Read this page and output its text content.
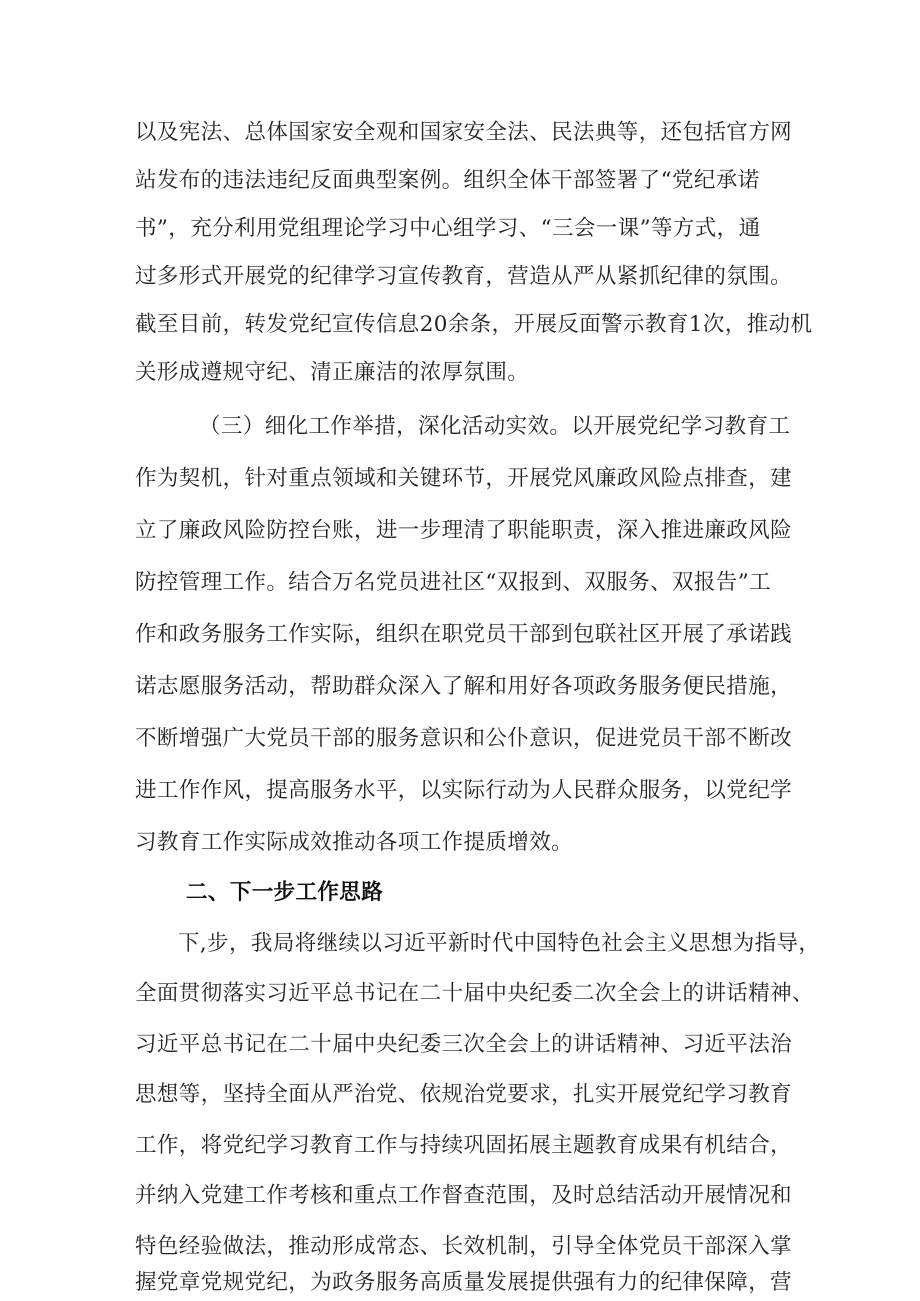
以及宪法、总体国家安全观和国家安全法、民法典等，还包括官方网
站发布的违法违纪反面典型案例。组织全体干部签署了“党纪承诺
书”，充分利用党组理论学习中心组学习、“三会一课”等方式，通
过多形式开展党的纪律学习宣传教育，营造从严从紧抓纪律的氛围。
截至目前，转发党纪宣传信息20余条，开展反面警示教育1次，推动机
关形成遵规守纪、清正廉洁的浓厚氛围。
（三）细化工作举措，深化活动实效。以开展党纪学习教育工
作为契机，针对重点领域和关键环节，开展党风廉政风险点排查，建
立了廉政风险防控台账，进一步理清了职能职责，深入推进廉政风险
防控管理工作。结合万名党员进社区“双报到、双服务、双报告”工
作和政务服务工作实际，组织在职党员干部到包联社区开展了承诺践
诺志愿服务活动，帮助群众深入了解和用好各项政务服务便民措施，
不断增强广大党员干部的服务意识和公仆意识，促进党员干部不断改
进工作作风，提高服务水平，以实际行动为人民群众服务，以党纪学
习教育工作实际成效推动各项工作提质增效。
二、下一步工作思路
下,步，我局将继续以习近平新时代中国特色社会主义思想为指导，
全面贯彻落实习近平总书记在二十届中央纪委二次全会上的讲话精神、
习近平总书记在二十届中央纪委三次全会上的讲话精神、习近平法治
思想等，坚持全面从严治党、依规治党要求，扎实开展党纪学习教育
工作，将党纪学习教育工作与持续巩固拓展主题教育成果有机结合，
并纳入党建工作考核和重点工作督查范围，及时总结活动开展情况和
特色经验做法，推动形成常态、长效机制，引导全体党员干部深入掌
握党章党规党纪，为政务服务高质量发展提供强有力的纪律保障，营
